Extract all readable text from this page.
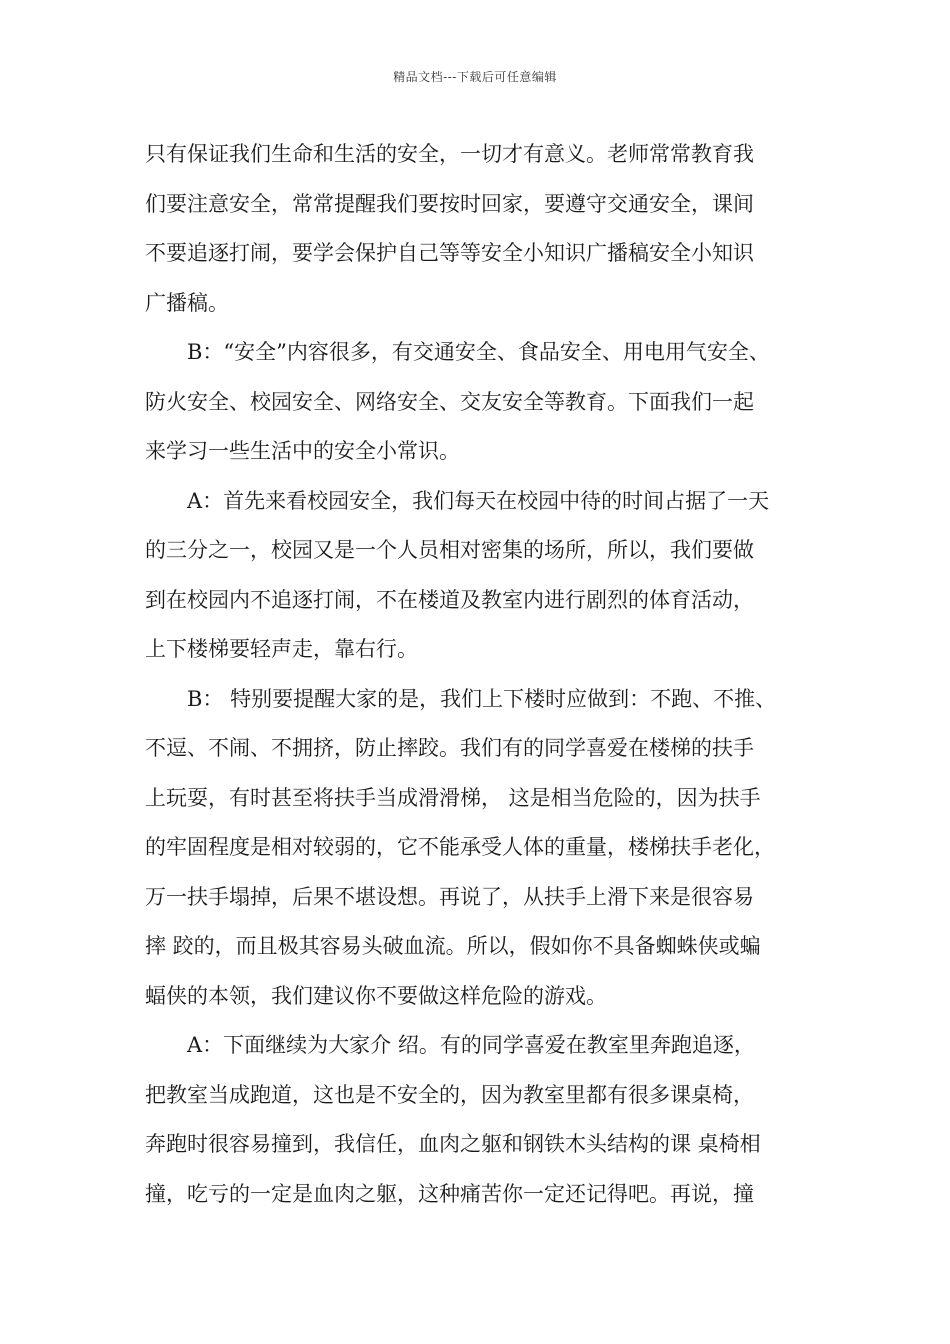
精品文档---下载后可任意编辑
只有保证我们生命和生活的安全，一切才有意义。老师常常教育我
们要注意安全，常常提醒我们要按时回家，要遵守交通安全，课间
不要追逐打闹，要学会保护自己等等安全小知识广播稿安全小知识
广播稿。
B：“安全”内容很多，有交通安全、食品安全、用电用气安全、
防火安全、校园安全、网络安全、交友安全等教育。下面我们一起
来学习一些生活中的安全小常识。
A：首先来看校园安全，我们每天在校园中待的时间占据了一天
的三分之一，校园又是一个人员相对密集的场所，所以，我们要做
到在校园内不追逐打闹，不在楼道及教室内进行剧烈的体育活动，
上下楼梯要轻声走，靠右行。
B： 特别要提醒大家的是，我们上下楼时应做到：不跑、不推、
不逗、不闹、不拥挤，防止摔跤。我们有的同学喜爱在楼梯的扶手
上玩耍，有时甚至将扶手当成滑滑梯， 这是相当危险的，因为扶手
的牢固程度是相对较弱的，它不能承受人体的重量，楼梯扶手老化，
万一扶手塌掉，后果不堪设想。再说了，从扶手上滑下来是很容易
摔 跤的，而且极其容易头破血流。所以，假如你不具备蜘蛛侠或蝙
蝠侠的本领，我们建议你不要做这样危险的游戏。
A：下面继续为大家介 绍。有的同学喜爱在教室里奔跑追逐，
把教室当成跑道，这也是不安全的，因为教室里都有很多课桌椅，
奔跑时很容易撞到，我信任，血肉之躯和钢铁木头结构的课 桌椅相
撞，吃亏的一定是血肉之躯，这种痛苦你一定还记得吧。再说，撞
